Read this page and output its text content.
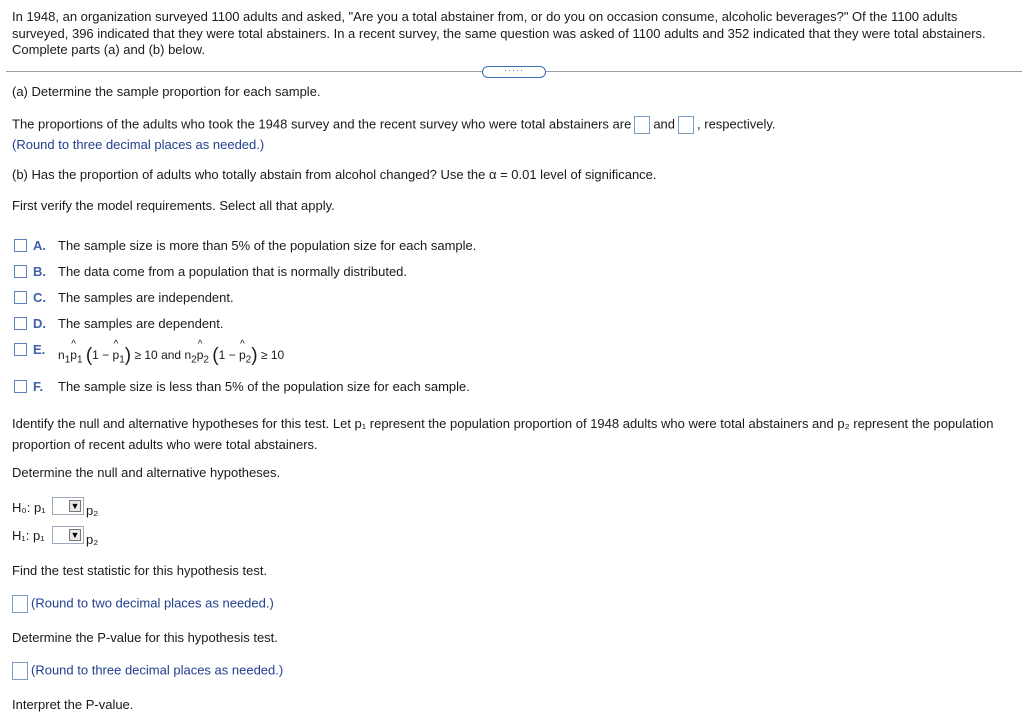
In 1948, an organization surveyed 1100 adults and asked, "Are you a total abstainer from, or do you on occasion consume, alcoholic beverages?" Of the 1100 adults surveyed, 396 indicated that they were total abstainers. In a recent survey, the same question was asked of 1100 adults and 352 indicated that they were total abstainers. Complete parts (a) and (b) below.
·····
(a) Determine the sample proportion for each sample.
The proportions of the adults who took the 1948 survey and the recent survey who were total abstainers are and , respectively.
(Round to three decimal places as needed.)
(b) Has the proportion of adults who totally abstain from alcohol changed? Use the α = 0.01 level of significance.
First verify the model requirements. Select all that apply.
A. The sample size is more than 5% of the population size for each sample.
B. The data come from a population that is normally distributed.
C. The samples are independent.
D. The samples are dependent.
E. $n_1\^{}$ $p_1$ (1 − ^ $p_1) \ge 10$ and $n_2\^{}$ $p_2$ (1 − ^ $p_2) \ge 10$
F. The sample size is less than 5% of the population size for each sample.
Identify the null and alternative hypotheses for this test. Let p₁ represent the population proportion of 1948 adults who were total abstainers and p₂ represent the population proportion of recent adults who were total abstainers.
Determine the null and alternative hypotheses.
H₀: p₁	▼ p₂
H₁: p₁	▼ p₂
Find the test statistic for this hypothesis test.
(Round to two decimal places as needed.)
Determine the P-value for this hypothesis test.
(Round to three decimal places as needed.)
Interpret the P-value.
